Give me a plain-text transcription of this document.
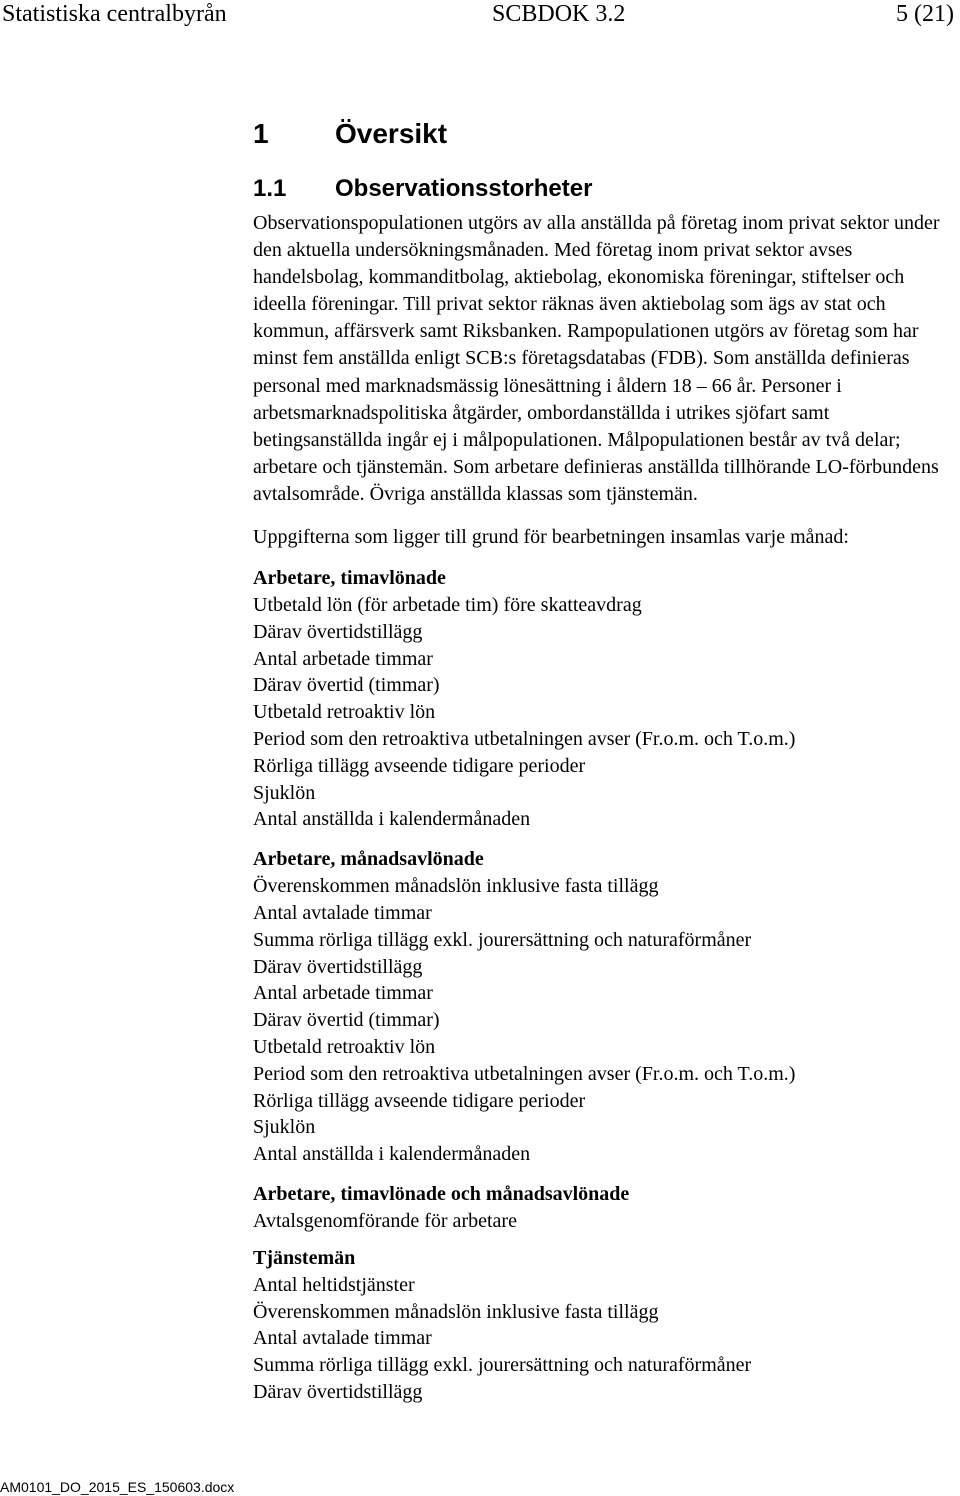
Statistiska centralbyrån	SCBDOK 3.2	5 (21)
1 Översikt
1.1 Observationsstorheter

Observationspopulationen utgörs av alla anställda på företag inom privat sektor under den aktuella undersökningsmånaden. Med företag inom privat sektor avses handelsbolag, kommanditbolag, aktiebolag, ekonomiska föreningar, stiftelser och ideella föreningar. Till privat sektor räknas även aktiebolag som ägs av stat och kommun, affärsverk samt Riksbanken. Rampopulationen utgörs av företag som har minst fem anställda enligt SCB:s företagsdatabas (FDB). Som anställda definieras personal med marknadsmässig lönesättning i åldern 18 – 66 år. Personer i arbetsmarknadspolitiska åtgärder, ombordanställda i utrikes sjöfart samt betingsanställda ingår ej i målpopulationen. Målpopulationen består av två delar; arbetare och tjänstemän. Som arbetare definieras anställda tillhörande LO-förbundens avtalsområde. Övriga anställda klassas som tjänstemän.

Uppgifterna som ligger till grund för bearbetningen insamlas varje månad:

Arbetare, timavlönade

Utbetald lön (för arbetade tim) före skatteavdrag

Därav övertidstillägg

Antal arbetade timmar

Därav övertid (timmar)

Utbetald retroaktiv lön

Period som den retroaktiva utbetalningen avser (Fr.o.m. och T.o.m.)

Rörliga tillägg avseende tidigare perioder

Sjuklön

Antal anställda i kalendermånaden

Arbetare, månadsavlönade

Överenskommen månadslön inklusive fasta tillägg

Antal avtalade timmar

Summa rörliga tillägg exkl. jourersättning och naturaförmåner

Därav övertidstillägg

Antal arbetade timmar

Därav övertid (timmar)

Utbetald retroaktiv lön

Period som den retroaktiva utbetalningen avser (Fr.o.m. och T.o.m.)

Rörliga tillägg avseende tidigare perioder

Sjuklön

Antal anställda i kalendermånaden

Arbetare, timavlönade och månadsavlönade

Avtalsgenomförande för arbetare

Tjänstemän

Antal heltidstjänster

Överenskommen månadslön inklusive fasta tillägg

Antal avtalade timmar

Summa rörliga tillägg exkl. jourersättning och naturaförmåner

Därav övertidstillägg

AM0101_DO_2015_ES_150603.docx
